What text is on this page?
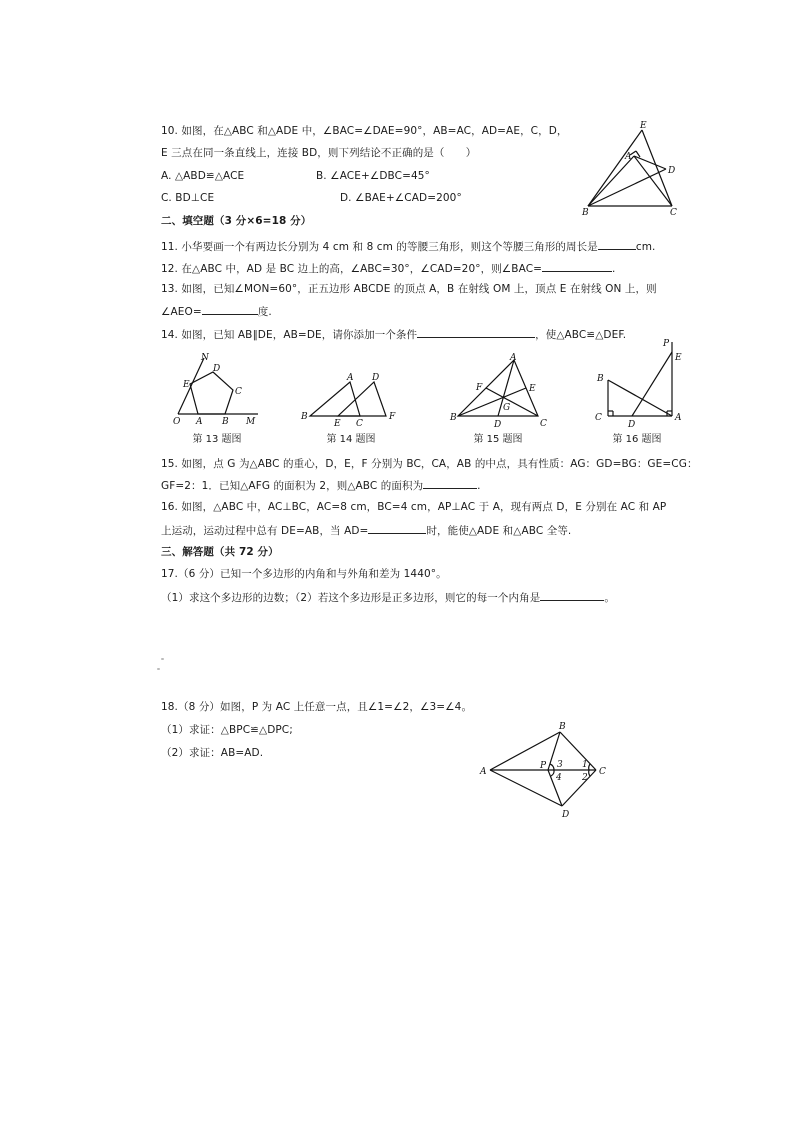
10. 如图，在△ABC 和△ADE 中，∠BAC=∠DAE=90°，AB=AC，AD=AE，C，D，
E 三点在同一条直线上，连接 BD，则下列结论不正确的是（　　）
A. △ABD≌△ACE	B. ∠ACE+∠DBC=45°
C. BD⊥CE	D. ∠BAE+∠CAD=200°
E
A
D
B	C
二、填空题（3 分×6=18 分）
11. 小华要画一个有两边长分别为 4 cm 和 8 cm 的等腰三角形，则这个等腰三角形的周长是	cm.
12. 在△ABC 中，AD 是 BC 边上的高，∠ABC=30°，∠CAD=20°，则∠BAC=	.
13. 如图，已知∠MON=60°，正五边形 ABCDE 的顶点 A，B 在射线 OM 上，顶点 E 在射线 ON 上，则
∠AEO=	度.
14. 如图，已知 AB∥DE，AB=DE，请你添加一个条件	，使△ABC≌△DEF.
N
E
D
C
O A B M
A D
B
E C
F
A
F	E
G
B
D	C
P
E
B
C
D
A
第 13 题图	第 14 题图	第 15 题图	第 16 题图
15. 如图，点 G 为△ABC 的重心，D，E，F 分别为 BC，CA，AB 的中点，具有性质：AG：GD=BG：GE=CG：
GF=2：1．已知△AFG 的面积为 2，则△ABC 的面积为	.
16. 如图，△ABC 中，AC⊥BC，AC=8 cm，BC=4 cm，AP⊥AC 于 A，现有两点 D，E 分别在 AC 和 AP
上运动，运动过程中总有 DE=AB，当 AD=	时，能使△ADE 和△ABC 全等.
三、解答题（共 72 分）
17.（6 分）已知一个多边形的内角和与外角和差为 1440°。
（1）求这个多边形的边数；（2）若这个多边形是正多边形，则它的每一个内角是	。
18.（8 分）如图，P 为 AC 上任意一点，且∠1=∠2，∠3=∠4。
（1）求证：△BPC≌△DPC;
（2）求证：AB=AD.
B
A
P 3
4
1
2
C
D
